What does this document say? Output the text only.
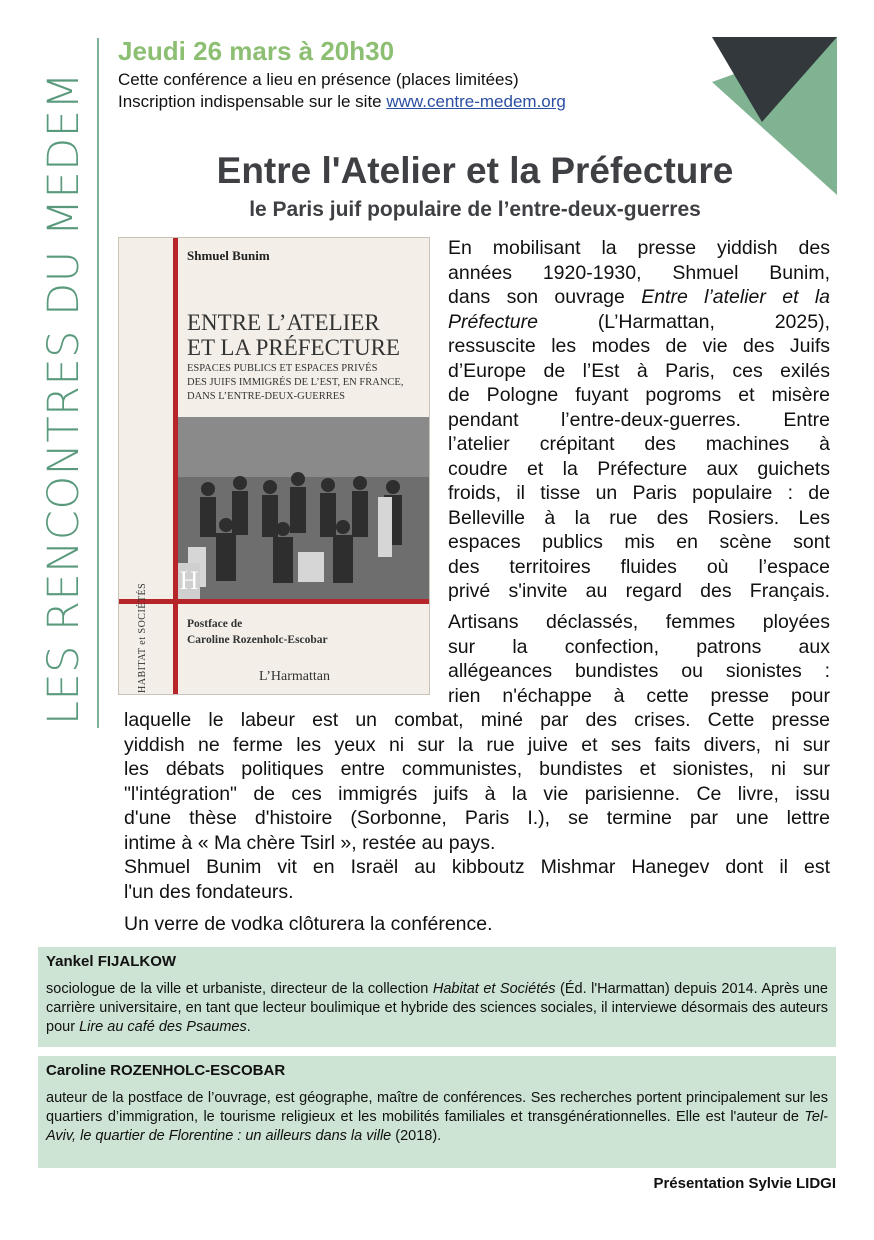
LES RENCONTRES DU MEDEM
Jeudi 26 mars à 20h30
Cette conférence a lieu en présence (places limitées)
Inscription indispensable sur le site www.centre-medem.org
Entre l'Atelier et la Préfecture
le Paris juif populaire de l’entre-deux-guerres
Shmuel Bunim
ENTRE L’ATELIER
ET LA PRÉFECTURE
ESPACES PUBLICS ET ESPACES PRIVÉS
DES JUIFS IMMIGRÉS DE L’EST, EN FRANCE,
DANS L’ENTRE-DEUX-GUERRES
H
HABITAT et SOCIÉTÉS	Postface de
Caroline Rozenholc-Escobar
L’Harmattan
En mobilisant la presse yiddish des
années 1920-1930, Shmuel Bunim,
dans son ouvrage Entre l’atelier et la
Préfecture	(L’Harmattan, 2025),
ressuscite les modes de vie des Juifs
d’Europe de l’Est à Paris, ces exilés
de Pologne fuyant pogroms et misère
pendant l’entre-deux-guerres. Entre
l’atelier crépitant des machines à
coudre et la Préfecture aux guichets
froids, il tisse un Paris populaire : de
Belleville à la rue des Rosiers. Les
espaces publics mis en scène sont
des territoires fluides où l’espace
privé s'invite au regard des Français.
Artisans déclassés, femmes ployées
sur la confection, patrons aux
allégeances bundistes ou sionistes :
rien n'échappe à cette presse pour
laquelle le labeur est un combat, miné par des crises. Cette presse
yiddish ne ferme les yeux ni sur la rue juive et ses faits divers, ni sur
les débats politiques entre communistes, bundistes et sionistes, ni sur
"l'intégration" de ces immigrés juifs à la vie parisienne. Ce livre, issu
d'une thèse d'histoire (Sorbonne, Paris I.), se termine par une lettre
intime à « Ma chère Tsirl », restée au pays.
Shmuel Bunim vit en Israël au kibboutz Mishmar Hanegev dont il est
l'un des fondateurs.
Un verre de vodka clôturera la conférence.
Yankel FIJALKOW
sociologue de la ville et urbaniste, directeur de la collection Habitat et Sociétés (Éd. l'Harmattan) depuis 2014. Après une carrière universitaire, en tant que lecteur boulimique et hybride des sciences sociales, il interviewe désormais des auteurs pour Lire au café des Psaumes.
Caroline ROZENHOLC-ESCOBAR
auteur de la postface de l’ouvrage, est géographe, maître de conférences. Ses recherches portent principalement sur les quartiers d’immigration, le tourisme religieux et les mobilités familiales et transgénérationnelles. Elle est l'auteur de Tel-Aviv, le quartier de Florentine : un ailleurs dans la ville (2018).
Présentation Sylvie LIDGI
